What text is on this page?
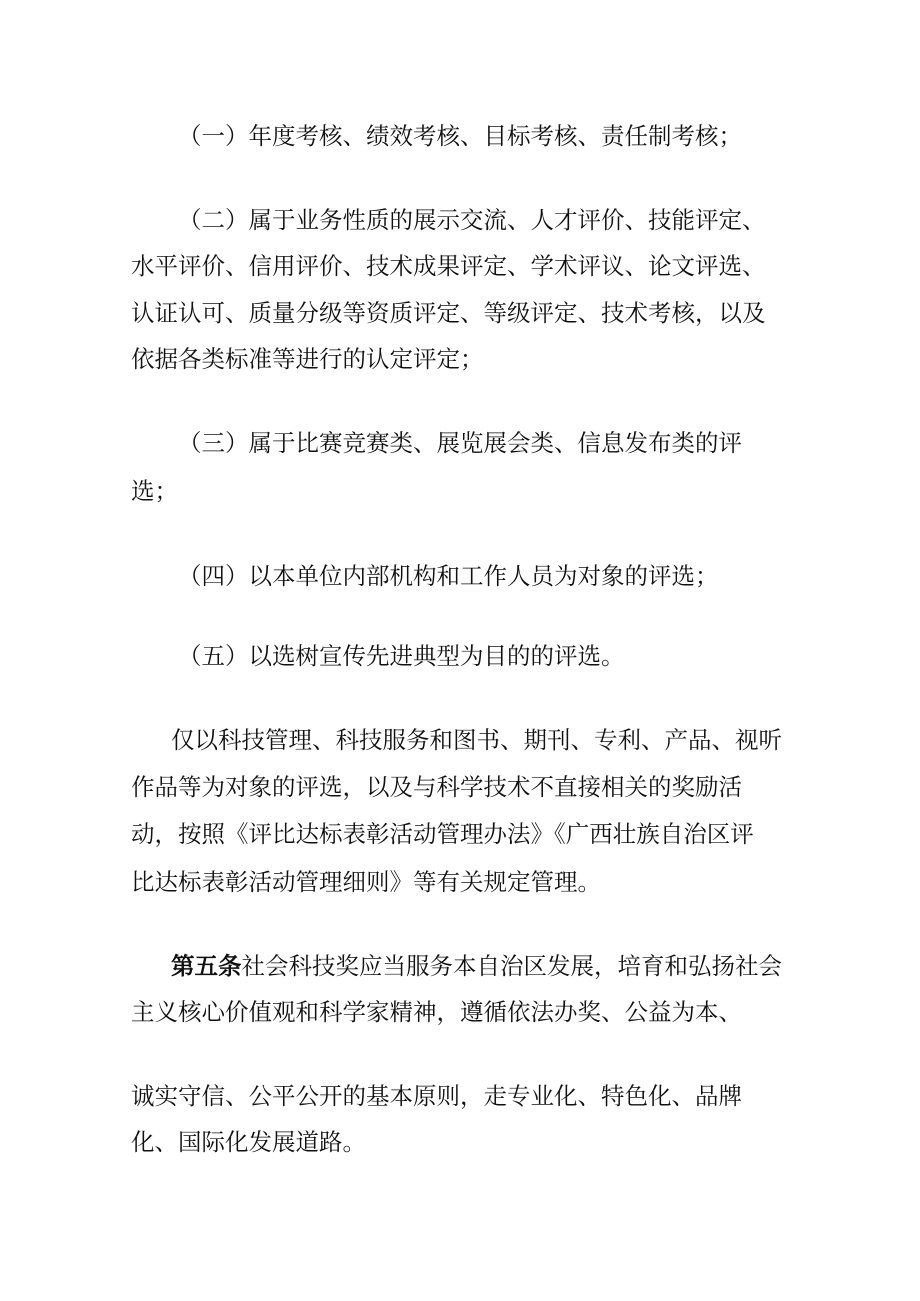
（一）年度考核、绩效考核、目标考核、责任制考核；
（二）属于业务性质的展示交流、人才评价、技能评定、
水平评价、信用评价、技术成果评定、学术评议、论文评选、
认证认可、质量分级等资质评定、等级评定、技术考核，以及
依据各类标准等进行的认定评定；
（三）属于比赛竞赛类、展览展会类、信息发布类的评
选；
（四）以本单位内部机构和工作人员为对象的评选；
（五）以选树宣传先进典型为目的的评选。
仅以科技管理、科技服务和图书、期刊、专利、产品、视听
作品等为对象的评选，以及与科学技术不直接相关的奖励活
动，按照《评比达标表彰活动管理办法》《广西壮族自治区评
比达标表彰活动管理细则》等有关规定管理。
第五条社会科技奖应当服务本自治区发展，培育和弘扬社会
主义核心价值观和科学家精神，遵循依法办奖、公益为本、
诚实守信、公平公开的基本原则，走专业化、特色化、品牌
化、国际化发展道路。
